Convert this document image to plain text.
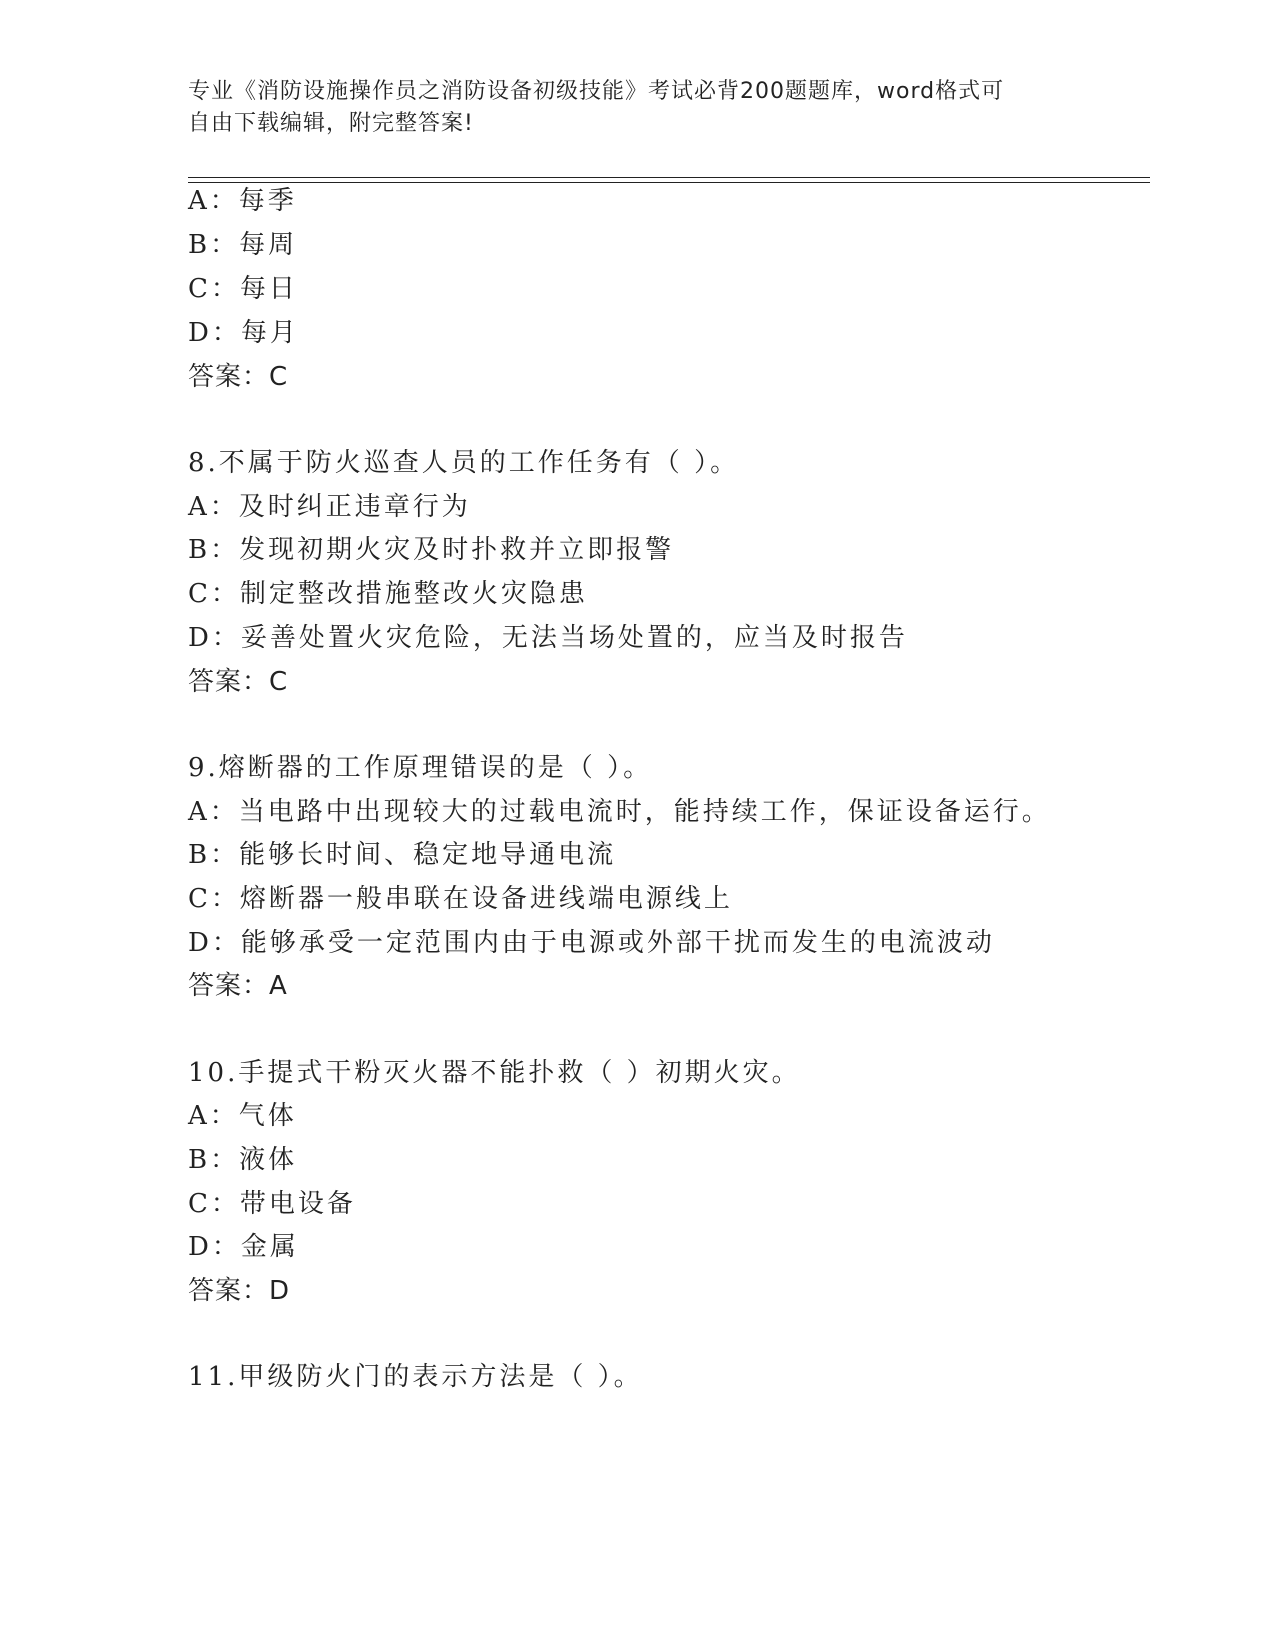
专业《消防设施操作员之消防设备初级技能》考试必背200题题库，word格式可
自由下载编辑，附完整答案!
A：每季
B：每周
C：每日
D：每月
答案：C
8.不属于防火巡查人员的工作任务有（ ）。
A：及时纠正违章行为
B：发现初期火灾及时扑救并立即报警
C：制定整改措施整改火灾隐患
D：妥善处置火灾危险，无法当场处置的，应当及时报告
答案：C
9.熔断器的工作原理错误的是（ ）。
A：当电路中出现较大的过载电流时，能持续工作，保证设备运行。
B：能够长时间、稳定地导通电流
C：熔断器一般串联在设备进线端电源线上
D：能够承受一定范围内由于电源或外部干扰而发生的电流波动
答案：A
10.手提式干粉灭火器不能扑救（ ）初期火灾。
A：气体
B：液体
C：带电设备
D：金属
答案：D
11.甲级防火门的表示方法是（ ）。
